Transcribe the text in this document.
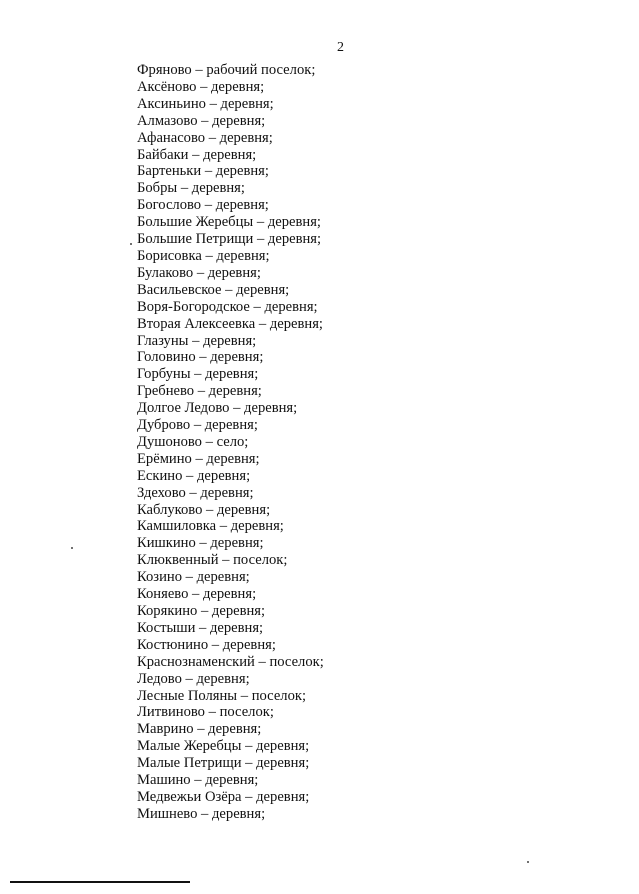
2
Фряново – рабочий поселок;
Аксёново – деревня;
Аксиньино – деревня;
Алмазово – деревня;
Афанасово – деревня;
Байбаки – деревня;
Бартеньки – деревня;
Бобры – деревня;
Богослово – деревня;
Большие Жеребцы – деревня;
Большие Петрищи – деревня;
Борисовка – деревня;
Булаково – деревня;
Васильевское – деревня;
Воря-Богородское – деревня;
Вторая Алексеевка – деревня;
Глазуны – деревня;
Головино – деревня;
Горбуны – деревня;
Гребнево – деревня;
Долгое Ледово – деревня;
Дуброво – деревня;
Душоново – село;
Ерёмино – деревня;
Ескино – деревня;
Здехово – деревня;
Каблуково – деревня;
Камшиловка – деревня;
Кишкино – деревня;
Клюквенный – поселок;
Козино – деревня;
Коняево – деревня;
Корякино – деревня;
Костыши – деревня;
Костюнино – деревня;
Краснознаменский – поселок;
Ледово – деревня;
Лесные Поляны – поселок;
Литвиново – поселок;
Маврино – деревня;
Малые Жеребцы – деревня;
Малые Петрищи – деревня;
Машино – деревня;
Медвежьи Озёра – деревня;
Мишнево – деревня;
